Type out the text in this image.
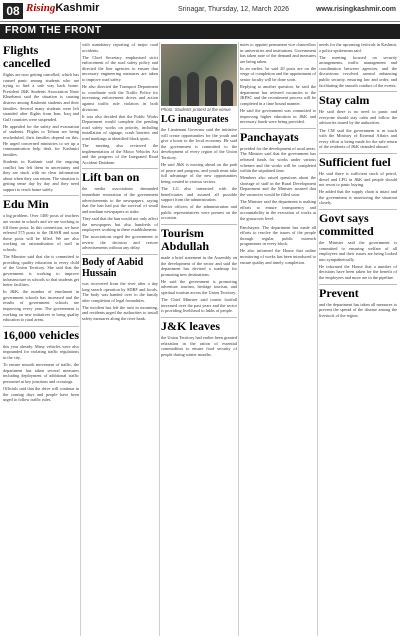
08 RisingKashmir	Srinagar, Thursday, 12, March 2026	www.risingkashmir.com
FROM THE FRONT
Flights cancelled

flights are now getting cancelled, which has caused panic among students who are trying to find a safe way back home. President J&K Students Association Nasir Khuehami said the situation is causing distress among Kashmiri students and their families. Several many students were left stranded after flights from Iran, Iraq and Gulf countries were suspended.

He appealed for the safety and evacuation of students. Flights to Tehran are being rescheduled, their families depend on this. He urged concerned ministries to set up a communication help desk for Kashmiri families.

Students in Kashmir said the ongoing conflict has left them in uncertainty and they are stuck with no clear information about when they can return. The situation is getting tense day by day and they need support to reach home safely.

Edu Min

a big problem. Over 1400 posts of teachers are vacant in schools and we are working to fill these posts. In this connection, we have referred 575 posts to the JKSSB and soon these posts will be filled. We are also working on rationalisation of staff in schools.

The Minister said that she is committed to providing quality education to every child of the Union Territory. She said that the government is working to improve infrastructure in schools so that students get better facilities.

In J&K, the number of enrolment in government schools has increased and the results of government schools are improving every year. The government is working on new initiatives to bring quality education to rural areas.

16,000 vehicles

this year already. Many vehicles were also impounded for violating traffic regulations in the city.

To ensure smooth movement of traffic, the department has taken several measures including deployment of additional traffic personnel at key junctions and crossings.

Officials said that the drive will continue in the coming days and people have been urged to follow traffic rules.

with mandatory reporting of major road accidents.

The Chief Secretary emphasised strict enforcement of the road safety policy and directed the line agencies to ensure that necessary engineering measures are taken to improve road safety.

He also directed the Transport Department to coordinate with the Traffic Police for increasing enforcement drives and action against traffic rule violators in both divisions.

It was also decided that the Public Works Department would complete the pending road safety works on priority, including installation of signage, crash barriers and road markings at identified black spots.

The meeting also reviewed the implementation of the Motor Vehicles Act and the progress of the Integrated Road Accident Database.

Lift ban on

the media associations demanded immediate restoration of the government advertisements to the newspapers, saying that the ban had put the survival of small and medium newspapers at stake.

They said that the ban would not only affect the newspapers but also hundreds of employees working in these establishments.

The associations urged the government to review the decision and restore advertisements without any delay.

Body of Aabid Hussain

was recovered from the river after a day long search operation by SDRF and locals. The body was handed over to the family after completion of legal formalities.

The incident has left the area in mourning, and residents urged the authorities to install safety measures along the river bank.

Photo: Students protest at the venue
LG inaugurates

the Lieutenant Governor said the initiative will create opportunities for the youth and give a boost to the local economy. He said the government is committed to the development of every region of the Union Territory.

He said J&K is moving ahead on the path of peace and progress, and youth must take full advantage of the new opportunities being created in various sectors.

The LG also interacted with the beneficiaries and assured all possible support from the administration.

Senior officers of the administration and public representatives were present on the occasion.

Tourism Abdullah

made a brief statement in the Assembly on the development of the sector and said the department has devised a roadmap for promoting new destinations.

He said the government is promoting adventure tourism, heritage tourism, and spiritual tourism across the Union Territory.

The Chief Minister said tourist footfall increased over the past years and the sector is providing livelihood to lakhs of people.

J&K leaves

the Union Territory had earlier been granted relaxation in the ration of essential commodities to ensure food security of people during winter months.

notes to appoint permanent vice chancellors in universities and institutions. Government has taken note of the demand and measures are being taken.

In an earlier, he said 20 posts are on the verge of completion and the appointment of senior faculty will be done soon.

Replying to another question, he said the department has referred vacancies to the JKPSC and the recruitment process will be completed in a time bound manner.

He said the government was committed to improving higher education in J&K and necessary funds were being provided.

Panchayats

provided for the development of rural areas. The Minister said that the government has released funds for works under various schemes and the works will be completed within the stipulated time.

Members also raised questions about the shortage of staff in the Rural Development Department and the Minister assured that the vacancies would be filled soon.

The Minister said the department is making efforts to ensure transparency and accountability in the execution of works at the grassroots level.

Panchayats. The department has made all efforts to resolve the issues of the people through regular public outreach programmes in every block.

He also informed the House that online monitoring of works has been introduced to ensure quality and timely completion.

needs for the upcoming festivals in Kashmir, a police spokesman said.

The meeting focused on security arrangements, traffic management and coordination between agencies, and the discussions revolved around enhancing public security, ensuring law and order, and facilitating the smooth conduct of the events.

Stay calm

He said there is no need to panic and everyone should stay calm and follow the advisories issued by the authorities.

The CM said the government is in touch with the Ministry of External Affairs and every effort is being made for the safe return of the residents of J&K stranded abroad.

Sufficient fuel

He said there is sufficient stock of petrol, diesel and LPG in J&K and people should not resort to panic buying.

He added that the supply chain is intact and the government is monitoring the situation closely.

Govt says committed

the Minister said the government is committed to ensuring welfare of all employees and their issues are being looked into sympathetically.

He informed the House that a number of decisions have been taken for the benefit of the employees and more are in the pipeline.

Prevent

and the department has taken all measures to prevent the spread of the disease among the livestock of the region.
